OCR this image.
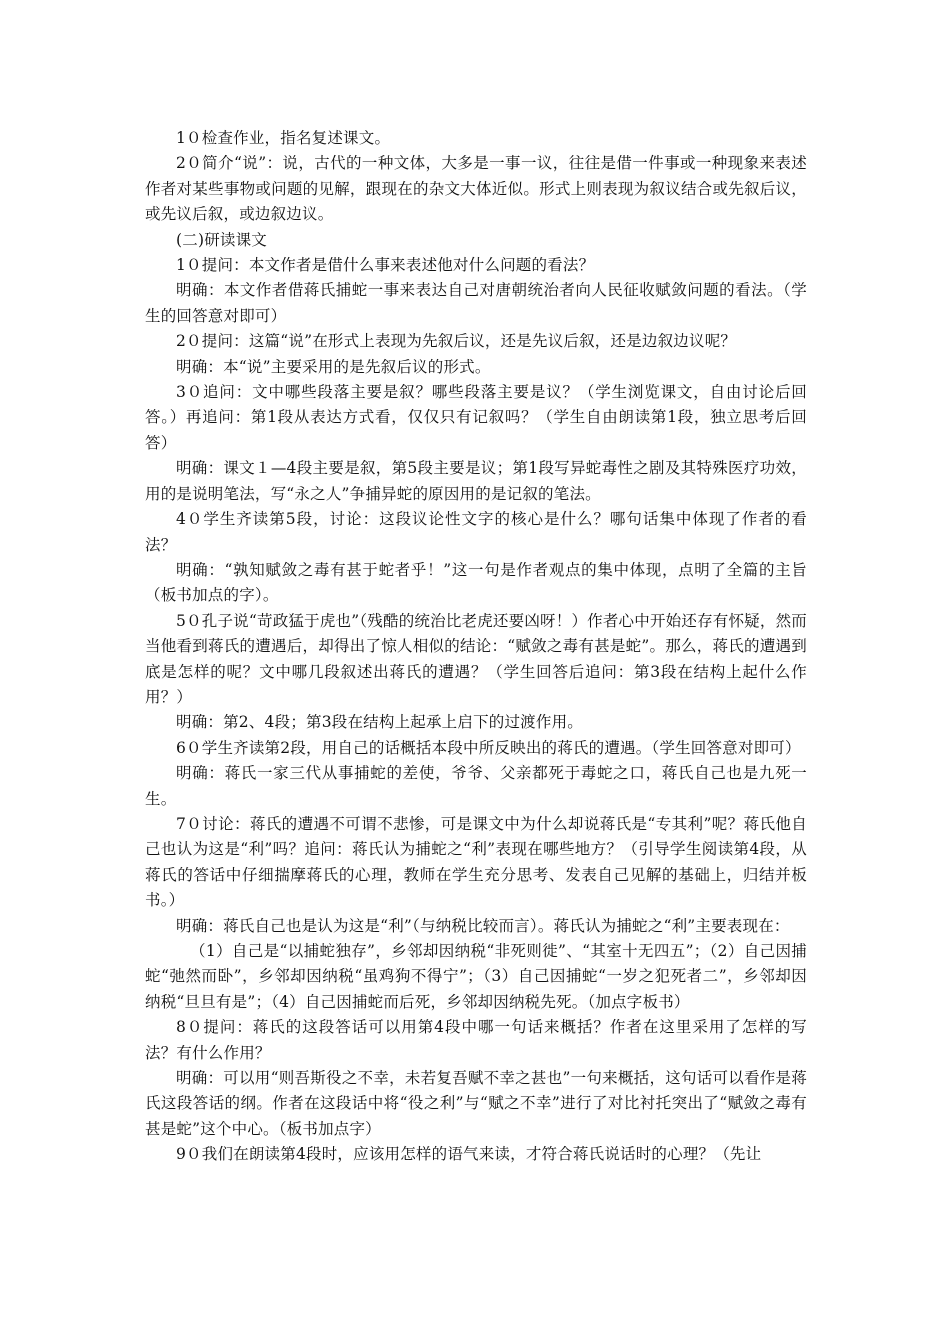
1０检查作业，指名复述课文。

2０简介“说”：说，古代的一种文体，大多是一事一议，往往是借一件事或一种现象来表述作者对某些事物或问题的见解，跟现在的杂文大体近似。形式上则表现为叙议结合或先叙后议，或先议后叙，或边叙边议。

(二)研读课文

1０提问：本文作者是借什么事来表述他对什么问题的看法？

明确：本文作者借蒋氏捕蛇一事来表达自己对唐朝统治者向人民征收赋敛问题的看法。（学生的回答意对即可）

2０提问：这篇“说”在形式上表现为先叙后议，还是先议后叙，还是边叙边议呢？

明确：本“说”主要采用的是先叙后议的形式。

3０追问：文中哪些段落主要是叙？哪些段落主要是议？（学生浏览课文，自由讨论后回答。）再追问：第1段从表达方式看，仅仅只有记叙吗？（学生自由朗读第1段，独立思考后回答）

明确：课文１—4段主要是叙，第5段主要是议；第1段写异蛇毒性之剧及其特殊医疗功效，用的是说明笔法，写“永之人”争捕异蛇的原因用的是记叙的笔法。

4０学生齐读第5段，讨论：这段议论性文字的核心是什么？哪句话集中体现了作者的看法？

明确：“孰知赋敛之毒有甚于蛇者乎！”这一句是作者观点的集中体现，点明了全篇的主旨（板书加点的字）。

5０孔子说“苛政猛于虎也”（残酷的统治比老虎还要凶呀！）作者心中开始还存有怀疑，然而当他看到蒋氏的遭遇后，却得出了惊人相似的结论：“赋敛之毒有甚是蛇”。那么，蒋氏的遭遇到底是怎样的呢？文中哪几段叙述出蒋氏的遭遇？（学生回答后追问：第3段在结构上起什么作用？）

明确：第2、4段；第3段在结构上起承上启下的过渡作用。

6０学生齐读第2段，用自己的话概括本段中所反映出的蒋氏的遭遇。（学生回答意对即可）

明确：蒋氏一家三代从事捕蛇的差使，爷爷、父亲都死于毒蛇之口，蒋氏自己也是九死一生。

7０讨论：蒋氏的遭遇不可谓不悲惨，可是课文中为什么却说蒋氏是“专其利”呢？蒋氏他自己也认为这是“利”吗？追问：蒋氏认为捕蛇之“利”表现在哪些地方？（引导学生阅读第4段，从蒋氏的答话中仔细揣摩蒋氏的心理，教师在学生充分思考、发表自己见解的基础上，归结并板书。）

明确：蒋氏自己也是认为这是“利”（与纳税比较而言）。蒋氏认为捕蛇之“利”主要表现在：

（1）自己是“以捕蛇独存”，乡邻却因纳税“非死则徙”、“其室十无四五”；（2）自己因捕蛇“弛然而卧”，乡邻却因纳税“虽鸡狗不得宁”；（3）自己因捕蛇“一岁之犯死者二”，乡邻却因纳税“旦旦有是”；（4）自己因捕蛇而后死，乡邻却因纳税先死。（加点字板书）

8０提问：蒋氏的这段答话可以用第4段中哪一句话来概括？作者在这里采用了怎样的写法？有什么作用？

明确：可以用“则吾斯役之不幸，未若复吾赋不幸之甚也”一句来概括，这句话可以看作是蒋氏这段答话的纲。作者在这段话中将“役之利”与“赋之不幸”进行了对比衬托突出了“赋敛之毒有甚是蛇”这个中心。（板书加点字）

9０我们在朗读第4段时，应该用怎样的语气来读，才符合蒋氏说话时的心理？（先让
